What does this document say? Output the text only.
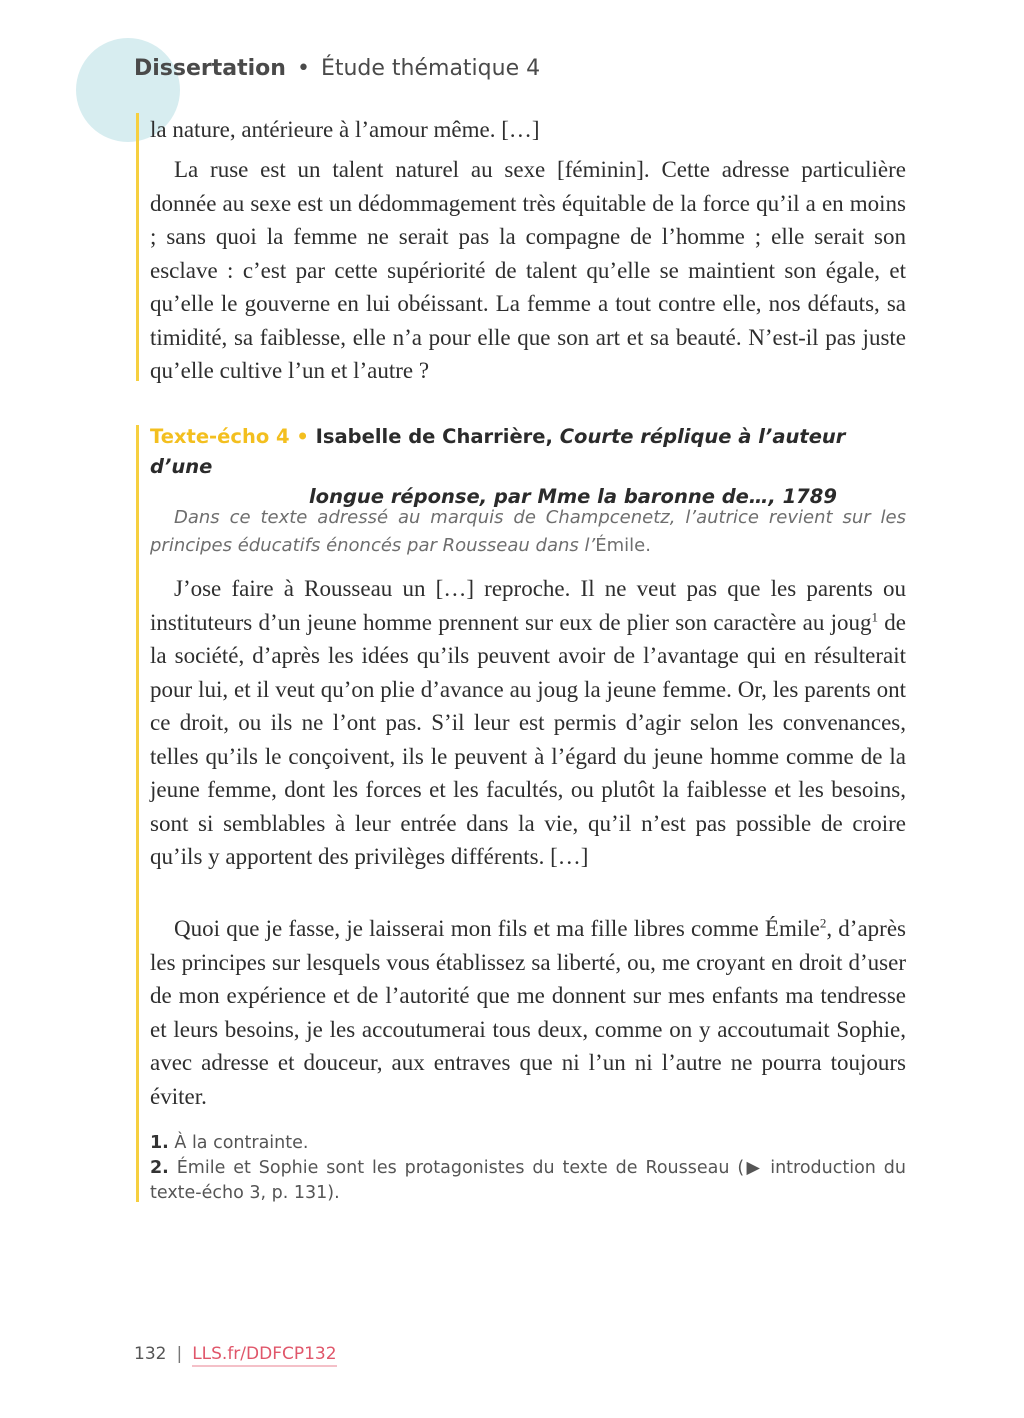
Dissertation • Étude thématique 4

la nature, antérieure à l’amour même. […]

La ruse est un talent naturel au sexe [féminin]. Cette adresse particulière donnée au sexe est un dédommagement très équitable de la force qu’il a en moins ; sans quoi la femme ne serait pas la compagne de l’homme ; elle serait son esclave : c’est par cette supériorité de talent qu’elle se maintient son égale, et qu’elle le gouverne en lui obéissant. La femme a tout contre elle, nos défauts, sa timidité, sa faiblesse, elle n’a pour elle que son art et sa beauté. N’est-il pas juste qu’elle cultive l’un et l’autre ?

Texte-écho 4 • Isabelle de Charrière, Courte réplique à l’auteur d’une
longue réponse, par Mme la baronne de…, 1789

Dans ce texte adressé au marquis de Champcenetz, l’autrice revient sur les principes éducatifs énoncés par Rousseau dans l’Émile.

J’ose faire à Rousseau un […] reproche. Il ne veut pas que les parents ou instituteurs d’un jeune homme prennent sur eux de plier son caractère au joug$^1$ de la société, d’après les idées qu’ils peuvent avoir de l’avantage qui en résulterait pour lui, et il veut qu’on plie d’avance au joug la jeune femme. Or, les parents ont ce droit, ou ils ne l’ont pas. S’il leur est permis d’agir selon les convenances, telles qu’ils le conçoivent, ils le peuvent à l’égard du jeune homme comme de la jeune femme, dont les forces et les facultés, ou plutôt la faiblesse et les besoins, sont si semblables à leur entrée dans la vie, qu’il n’est pas possible de croire qu’ils y apportent des privilèges différents. […]

Quoi que je fasse, je laisserai mon fils et ma fille libres comme Émile$^2$, d’après les principes sur lesquels vous établissez sa liberté, ou, me croyant en droit d’user de mon expérience et de l’autorité que me donnent sur mes enfants ma tendresse et leurs besoins, je les accoutumerai tous deux, comme on y accoutumait Sophie, avec adresse et douceur, aux entraves que ni l’un ni l’autre ne pourra toujours éviter.

1. À la contrainte.
2. Émile et Sophie sont les protagonistes du texte de Rousseau (▶ introduction du texte-écho 3, p. 131).
132 | LLS.fr/DDFCP132
